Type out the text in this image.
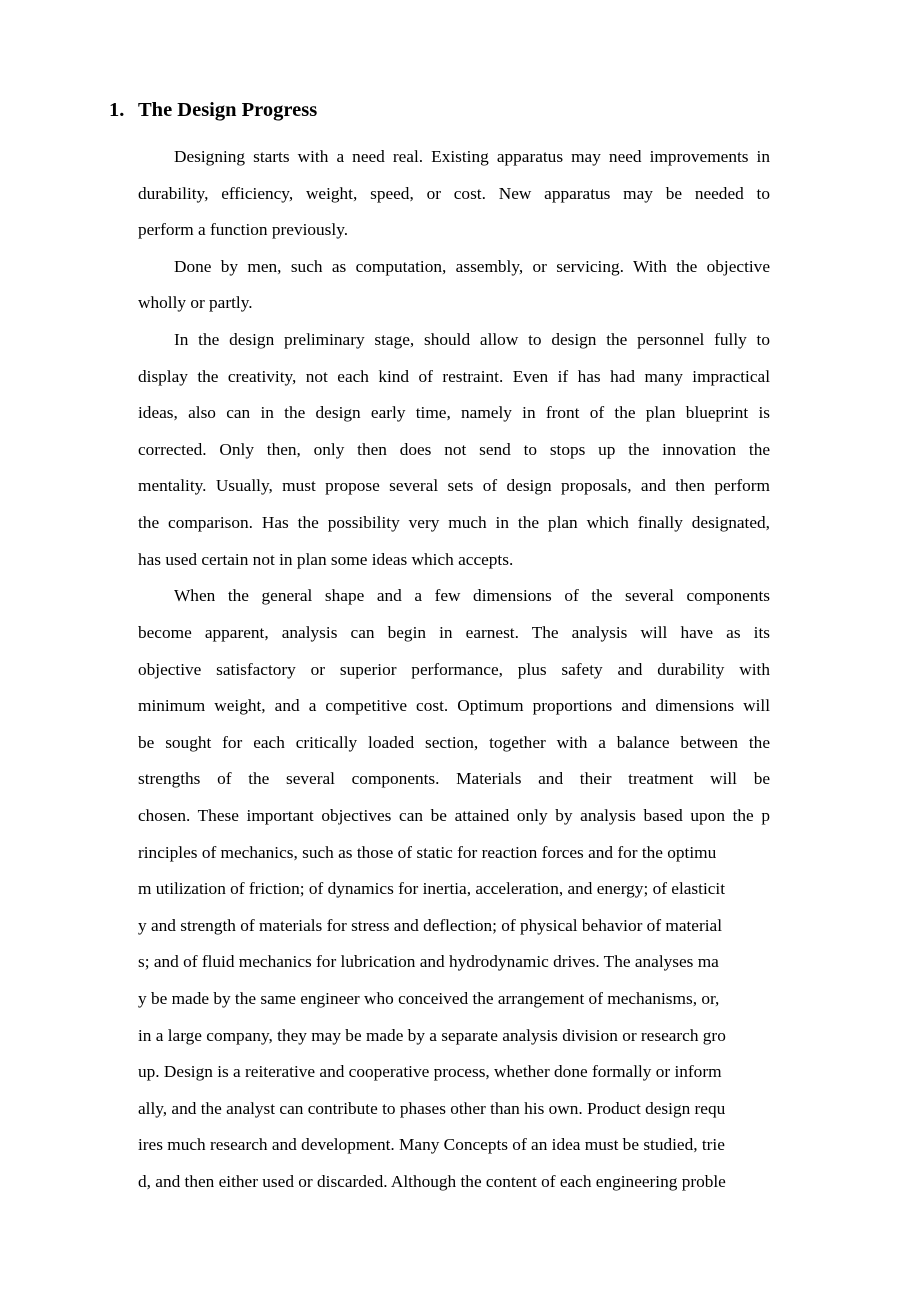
1. The Design Progress

Designing starts with a need real. Existing apparatus may need improvements in

durability, efficiency, weight, speed, or cost. New apparatus may be needed to

perform a function previously.

Done by men, such as computation, assembly, or servicing. With the objective

wholly or partly.

In the design preliminary stage, should allow to design the personnel fully to

display the creativity, not each kind of restraint. Even if has had many impractical

ideas, also can in the design early time, namely in front of the plan blueprint is

corrected. Only then, only then does not send to stops up the innovation the

mentality. Usually, must propose several sets of design proposals, and then perform

the comparison. Has the possibility very much in the plan which finally designated,

has used certain not in plan some ideas which accepts.

When the general shape and a few dimensions of the several components

become apparent, analysis can begin in earnest. The analysis will have as its

objective satisfactory or superior performance, plus safety and durability with

minimum weight, and a competitive cost. Optimum proportions and dimensions will

be sought for each critically loaded section, together with a balance between the

strengths of the several components. Materials and their treatment will be

chosen. These important objectives can be attained only by analysis based upon the p

rinciples of mechanics, such as those of static for reaction forces and for the optimu

m utilization of friction; of dynamics for inertia, acceleration, and energy; of elasticit

y and strength of materials for stress and deflection; of physical behavior of material

s; and of fluid mechanics for lubrication and hydrodynamic drives. The analyses ma

y be made by the same engineer who conceived the arrangement of mechanisms, or,

in a large company, they may be made by a separate analysis division or research gro

up. Design is a reiterative and cooperative process, whether done formally or inform

ally, and the analyst can contribute to phases other than his own. Product design requ

ires much research and development. Many Concepts of an idea must be studied, trie

d, and then either used or discarded. Although the content of each engineering proble
